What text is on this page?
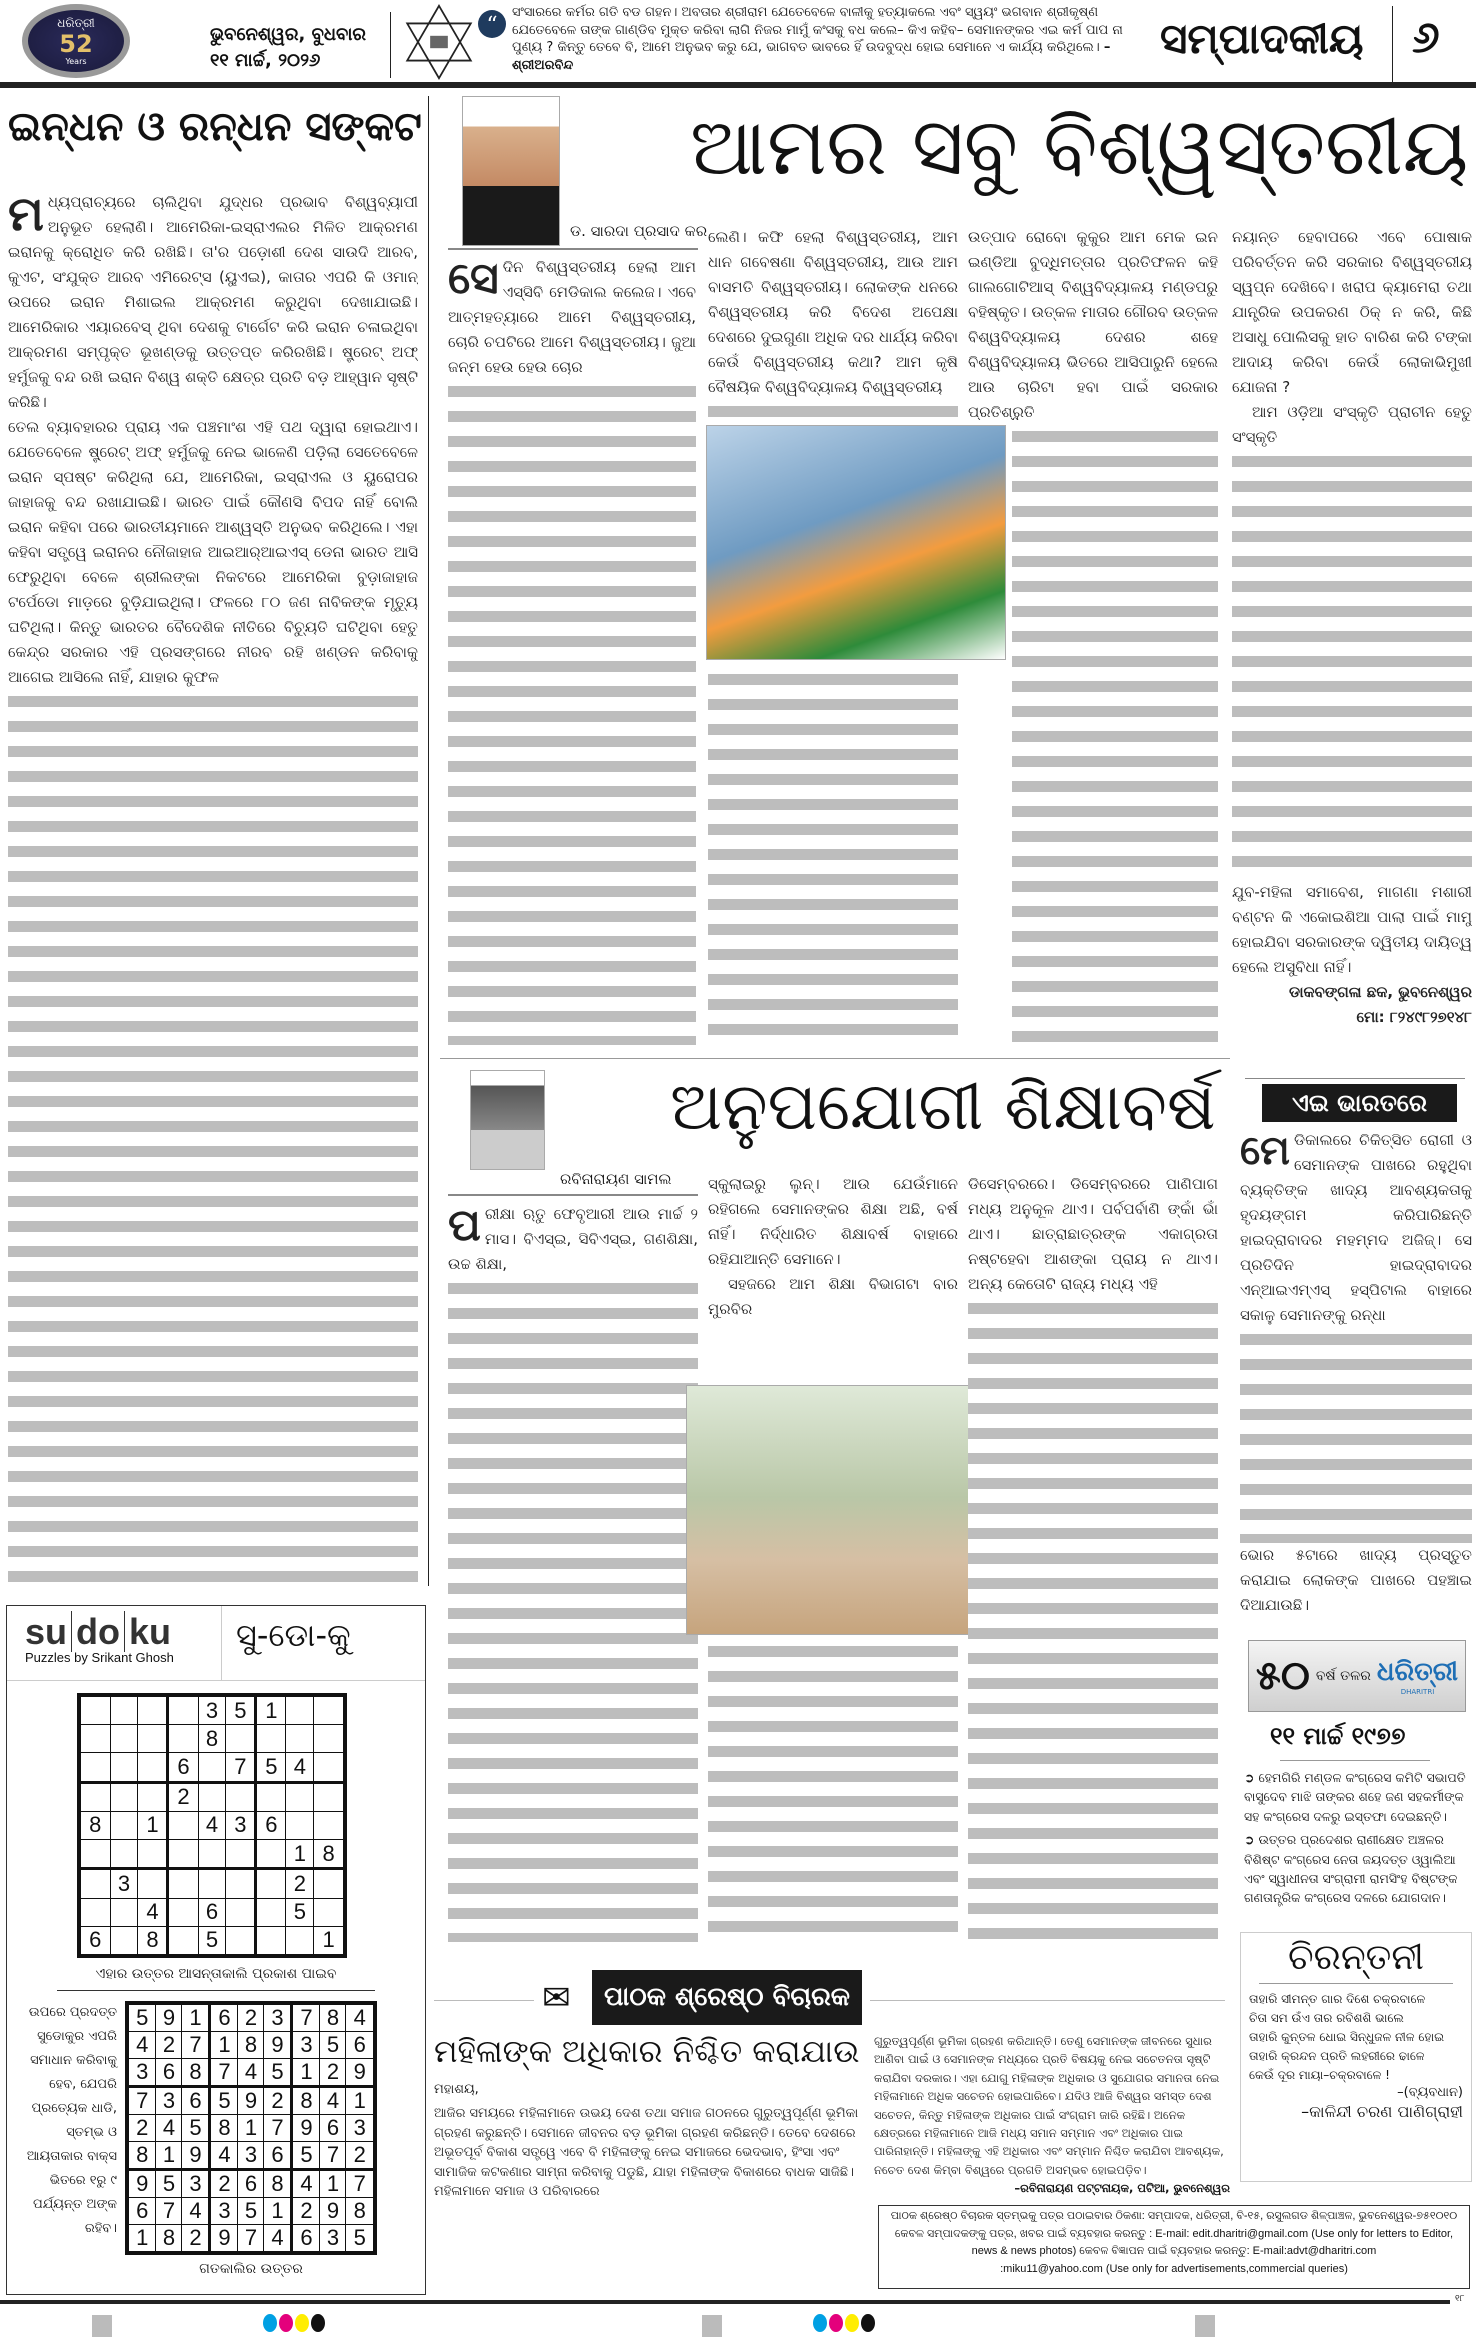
ଧରିତ୍ରୀ
52
Years
ଭୁବନେଶ୍ୱର, ବୁଧବାର
୧୧ ମାର୍ଚ୍ଚ, ୨୦୨୬
“
ସଂସାରରେ କର୍ମର ଗତି ବଡ ଗହନ। ଅବତାର ଶ୍ରୀରାମ ଯେତେବେଳେ ବାଳୀକୁ ହତ୍ୟାକଲେ ଏବଂ ସ୍ୱୟଂ ଭଗବାନ ଶ୍ରୀକୃଷ୍ଣ ଯେତେବେଳେ ତାଙ୍କ ଗାଣ୍ଡିବ ମୁକ୍ତ କରିବା ଲାଗି ନିଜର ମାମୁଁ କଂସକୁ ବଧ କଲେ– କିଏ କହିବ– ସେମାନଙ୍କର ଏଇ କର୍ମ ପାପ ନା ପୁଣ୍ୟ ? କିନ୍ତୁ ତେବେ ବି, ଆମେ ଅନୁଭବ କରୁ ଯେ, ଭାଗବତ ଭାବରେ ହିଁ ଉଦବୁଦ୍ଧ ହୋଇ ସେମାନେ ଏ କାର୍ଯ୍ୟ କରିଥିଲେ। –ଶ୍ରୀଅରବିନ୍ଦ
ସମ୍ପାଦକୀୟ	୬
ଇନ୍ଧନ ଓ ରନ୍ଧନ ସଙ୍କଟ

ମଧ୍ୟପ୍ରାଚ୍ୟରେ ଚାଲିଥିବା ଯୁଦ୍ଧର ପ୍ରଭାବ ବିଶ୍ୱବ୍ୟାପୀ ଅନୁଭୂତ ହେଲାଣି। ଆମେରିକା-ଇସ୍ରାଏଲର ମିଳିତ ଆକ୍ରମଣ ଇରାନକୁ କ୍ରୋଧିତ କରି ରଖିଛି। ତା'ର ପଡ଼ୋଶୀ ଦେଶ ସାଉଦି ଆରବ, କୁଏଟ, ସଂଯୁକ୍ତ ଆରବ ଏମିରେଟ୍ସ (ୟୁଏଇ), କାତାର ଏପରି କି ଓମାନ୍ ଉପରେ ଇରାନ ମିଶାଇଲ ଆକ୍ରମଣ କରୁଥିବା ଦେଖାଯାଇଛି। ଆମେରିକାର ଏୟାରବେସ୍ ଥିବା ଦେଶକୁ ଟାର୍ଗେଟ କରି ଇରାନ ଚଳାଇଥିବା ଆକ୍ରମଣ ସମ୍ପୃକ୍ତ ଭୂଖଣ୍ଡକୁ ଉତ୍ତପ୍ତ କରିରଖିଛି। ଷ୍ଟ୍ରେଟ୍ ଅଫ୍ ହର୍ମୁଜକୁ ବନ୍ଦ ରଖି ଇରାନ ବିଶ୍ୱ ଶକ୍ତି କ୍ଷେତ୍ର ପ୍ରତି ବଡ଼ ଆହ୍ୱାନ ସୃଷ୍ଟି କରିଛି।

ତେଲ ବ୍ୟାବହାରର ପ୍ରାୟ ଏକ ପଞ୍ଚମାଂଶ ଏହି ପଥ ଦ୍ୱାରା ହୋଇଥାଏ। ଯେତେବେଳେ ଷ୍ଟ୍ରେଟ୍ ଅଫ୍ ହର୍ମୁଜକୁ ନେଇ ଭାଳେଣି ପଡ଼ିଲା ସେତେବେଳେ ଇରାନ ସ୍ପଷ୍ଟ କରିଥିଲା ଯେ, ଆମେରିକା, ଇସ୍ରାଏଲ ଓ ୟୁରୋପର ଜାହାଜକୁ ବନ୍ଦ ରଖାଯାଇଛି। ଭାରତ ପାଇଁ କୌଣସି ବିପଦ ନାହିଁ ବୋଲି ଇରାନ କହିବା ପରେ ଭାରତୀୟମାନେ ଆଶ୍ୱସ୍ତି ଅନୁଭବ କରିଥିଲେ। ଏହା କହିବା ସତ୍ତ୍ୱେ ଇରାନର ନୌଜାହାଜ ଆଇଆର୍‌ଆଇଏସ୍ ଡେନା ଭାରତ ଆସି ଫେରୁଥିବା ବେଳେ ଶ୍ରୀଲଙ୍କା ନିକଟରେ ଆମେରିକା ବୁଡ଼ାଜାହାଜ ଟର୍ପେଡୋ ମାଡ଼ରେ ବୁଡ଼ିଯାଇଥିଲା। ଫଳରେ ୮୦ ଜଣ ନାବିକଙ୍କ ମୃତ୍ୟୁ ଘଟିଥିଲା। କିନ୍ତୁ ଭାରତର ବୈଦେଶିକ ନୀତିରେ ବିଚ୍ୟୁତି ଘଟିଥିବା ହେତୁ କେନ୍ଦ୍ର ସରକାର ଏହି ପ୍ରସଙ୍ଗରେ ନୀରବ ରହି ଖଣ୍ଡନ କରିବାକୁ ଆଗେଇ ଆସିଲେ ନାହିଁ, ଯାହାର କୁଫଳ

ଡ. ସାରଦା ପ୍ରସାଦ କର
ଆମର ସବୁ ବିଶ୍ୱସ୍ତରୀୟ

ସେଦିନ ବିଶ୍ୱସ୍ତରୀୟ ହେଲା ଆମ ଏସ୍‌ସିବି ମେଡିକାଲ କଲେଜ। ଏବେ ଆତ୍ମହତ୍ୟାରେ ଆମେ ବିଶ୍ୱସ୍ତରୀୟ, ଚୋରି ଚପଟିରେ ଆମେ ବିଶ୍ୱସ୍ତରୀୟ। ଜୁଆ ଜନ୍ମ ହେଉ ହେଉ ଚୋର

ଲେଣି। କଫି ହେଲା ବିଶ୍ୱସ୍ତରୀୟ, ଆମ ଧାନ ଗବେଷଣା ବିଶ୍ୱସ୍ତରୀୟ, ଆଉ ଆମ ବାସମତି ବିଶ୍ୱସ୍ତରୀୟ। ଲୋକଙ୍କ ଧନରେ ବିଶ୍ୱସ୍ତରୀୟ କରି ବିଦେଶ ଅପେକ୍ଷା ଦେଶରେ ଦୁଇଗୁଣା ଅଧିକ ଦର ଧାର୍ଯ୍ୟ କରିବା କେଉଁ ବିଶ୍ୱସ୍ତରୀୟ କଥା? ଆମ କୃଷି ବୈଷୟିକ ବିଶ୍ୱବିଦ୍ୟାଳୟ ବିଶ୍ୱସ୍ତରୀୟ

ଉତ୍ପାଦ ରୋବୋ କୁକୁର ଆମ ମେକ ଇନ ଇଣ୍ଡିଆ ବୁଦ୍ଧିମତ୍ତାର ପ୍ରତିଫଳନ କହି ଗାଲଗୋଟିଆସ୍ ବିଶ୍ୱବିଦ୍ୟାଳୟ ମଣ୍ଡପରୁ ବହିଷ୍କୃତ। ଉତ୍କଳ ମାତାର ଗୌରବ ଉତ୍କଳ ବିଶ୍ୱବିଦ୍ୟାଳୟ ଦେଶର ଶହେ ବିଶ୍ୱବିଦ୍ୟାଳୟ ଭିତରେ ଆସିପାରୁନି ହେଲେ ଆଉ ଚାରିଟା ହବା ପାଇଁ ସରକାର ପ୍ରତିଶ୍ରୁତି

ନୟାନ୍ତ ହେବାପରେ ଏବେ ପୋଷାକ ପରିବର୍ତ୍ତନ କରି ସରକାର ବିଶ୍ୱସ୍ତରୀୟ ସ୍ୱପ୍ନ ଦେଖିବେ। ଖରାପ କ୍ୟାମେରା ତଥା ଯାନ୍ତ୍ରିକ ଉପକରଣ ଠିକ୍ ନ କରି, କିଛି ଅସାଧୁ ପୋଲିସକୁ ହାତ ବାରିଶ କରି ଟଙ୍କା ଆଦାୟ କରିବା କେଉଁ ଲୋକାଭିମୁଖୀ ଯୋଜନା ?

ଆମ ଓଡ଼ିଆ ସଂସ୍କୃତି ପ୍ରାଚୀନ ହେତୁ ସଂସ୍କୃତି

ଯୁବ-ମହିଳା ସମାବେଶ, ମାଗଣା ମଶାରୀ ବଣ୍ଟନ କି ଏକୋଇଶିଆ ପାଲା ପାଇଁ ମାମୁ ହୋଇଯିବା ସରକାରଙ୍କ ଦ୍ୱିତୀୟ ଦାୟିତ୍ୱ ହେଲେ ଅସୁବିଧା ନାହିଁ।

ଡାକବଙ୍ଗଳା ଛକ, ଭୁବନେଶ୍ୱର

ମୋ: ୮୨୪୯୮୨୭୧୪୮

ଏଇ ଭାରତରେ

ମେଡିକାଲରେ ଚିକିତ୍ସିତ ରୋଗୀ ଓ ସେମାନଙ୍କ ପାଖରେ ରହୁଥିବା ବ୍ୟକ୍ତିଙ୍କ ଖାଦ୍ୟ ଆବଶ୍ୟକତାକୁ ହୃଦୟଙ୍ଗମ କରିପାରିଛନ୍ତି ହାଇଦ୍ରାବାଦର ମହମ୍ମଦ ଅଜିଜ୍। ସେ ପ୍ରତିଦିନ ହାଇଦ୍ରାବାଦର ଏନ୍‌ଆଇଏମ୍‌ଏସ୍ ହସ୍ପିଟାଲ ବାହାରେ ସକାଳୁ ସେମାନଙ୍କୁ ରନ୍ଧା

ଭୋର ୫ଟାରେ ଖାଦ୍ୟ ପ୍ରସ୍ତୁତ କରାଯାଇ ଲୋକଙ୍କ ପାଖରେ ପହଞ୍ଚାଇ ଦିଆଯାଉଛି।

୫୦ ବର୍ଷ ତଳର ଧରିତ୍ରୀ
DHARITRI
୧୧ ମାର୍ଚ୍ଚ ୧୯୭୭

➲ ହେମଗିରି ମଣ୍ଡଳ କଂଗ୍ରେସ କମିଟି ସଭାପତି ବାସୁଦେବ ମାଝି ତାଙ୍କର ଶହେ ଜଣ ସହକର୍ମୀଙ୍କ ସହ କଂଗ୍ରେସ ଦଳରୁ ଇସ୍ତଫା ଦେଇଛନ୍ତି।

➲ ଉତ୍ତର ପ୍ରଦେଶର ରାଣୀକ୍ଷେତ ଅଞ୍ଚଳର ବିଶିଷ୍ଟ କଂଗ୍ରେସ ନେତା ଜୟଦତ୍ତ ଓ୍ୱାଲିଆ ଏବଂ ସ୍ୱାଧୀନତା ସଂଗ୍ରାମୀ ରାମସିଂହ ବିଷ୍ଟଙ୍କ ଗଣତାନ୍ତ୍ରିକ କଂଗ୍ରେସ ଦଳରେ ଯୋଗଦାନ।

ଚିରନ୍ତନୀ
ତାହାରି ସୀମନ୍ତ ଗାର ଦିଶେ ଚକ୍ରବାଳେ
ଚିତା ସମ ଉଁଏ ତାର ରବିଶଶି ଭାଲେ
ତାହାରି କୁନ୍ତଳ ଧୋଇ ସିନ୍ଧୁଜଳ ନୀଳ ହୋଇ
ତାହାରି କ୍ରନ୍ଦନ ପ୍ରତି ଲହରୀରେ ଢାଳେ
କେଉଁ ଦୂର ମାୟା–ଚକ୍ରବାଳେ !
–(ବ୍ୟବଧାନ)
–କାଳିନ୍ଦୀ ଚରଣ ପାଣିଗ୍ରାହୀ
ରବିନାରାୟଣ ସାମଲ
ଅନୁପଯୋଗୀ ଶିକ୍ଷାବର୍ଷ

ପରୀକ୍ଷା ଋତୁ ଫେବୃଆରୀ ଆଉ ମାର୍ଚ୍ଚ ୨ ମାସ। ବିଏସ୍‌ଇ, ସିବିଏସ୍‌ଇ, ଗଣଶିକ୍ଷା, ଉଚ୍ଚ ଶିକ୍ଷା,

ସ୍କୁଲାଇରୁ ଲୁନ୍। ଆଉ ଯେଉଁମାନେ ରହିଗଲେ ସେମାନଙ୍କର ଶିକ୍ଷା ଅଛି, ବର୍ଷ ନାହିଁ। ନିର୍ଦ୍ଧାରିତ ଶିକ୍ଷାବର୍ଷ ବାହାରେ ରହିଯାଆନ୍ତି ସେମାନେ।

ସହଜରେ ଆମ ଶିକ୍ଷା ବିଭାଗଟା ବାର ମୁରବିର

ଡିସେମ୍ବରରେ। ଡିସେମ୍ବରରେ ପାଣିପାଗ ମଧ୍ୟ ଅନୁକୂଳ ଥାଏ। ପର୍ବପର୍ବାଣି ଙ୍କାଁ ଭାଁ ଥାଏ। ଛାତ୍ରାଛାତ୍ରଙ୍କ ଏକାଗ୍ରତା ନଷ୍ଟହେବା ଆଶଙ୍କା ପ୍ରାୟ ନ ଥାଏ। ଅନ୍ୟ କେତୋଟି ରାଜ୍ୟ ମଧ୍ୟ ଏହି

su do ku
Puzzles by Srikant Ghosh
ସୁ-ଡୋ-କୁ
				3	5	1		
				8				
			6		7	5	4	
			2					
8		1		4	3	6		
							1	8
	3						2	
		4		6			5	
6		8		5				1
ଏହାର ଉତ୍ତର ଆସନ୍ତାକାଲି ପ୍ରକାଶ ପାଇବ
ଉପରେ ପ୍ରଦତ୍ତ ସୁଡୋକୁର ଏପରି ସମାଧାନ କରିବାକୁ ହେବ, ଯେପରି ପ୍ରତ୍ୟେକ ଧାଡି, ସ୍ତମ୍ଭ ଓ ଆୟତାକାର ବାକ୍ସ ଭିତରେ ୧ରୁ ୯ ପର୍ଯ୍ୟନ୍ତ ଅଙ୍କ ରହିବ।
5	9	1	6	2	3	7	8	4
4	2	7	1	8	9	3	5	6
3	6	8	7	4	5	1	2	9
7	3	6	5	9	2	8	4	1
2	4	5	8	1	7	9	6	3
8	1	9	4	3	6	5	7	2
9	5	3	2	6	8	4	1	7
6	7	4	3	5	1	2	9	8
1	8	2	9	7	4	6	3	5
ଗତକାଲିର ଉତ୍ତର
✉	ପାଠକ ଶ୍ରେଷ୍ଠ ବିଚାରକ
ମହିଳାଙ୍କ ଅଧିକାର ନିଶ୍ଚିତ କରାଯାଉ
ମହାଶୟ,
ଆଜିର ସମୟରେ ମହିଳାମାନେ ଉଭୟ ଦେଶ ତଥା ସମାଜ ଗଠନରେ ଗୁରୁତ୍ୱପୂର୍ଣ୍ଣ ଭୂମିକା ଗ୍ରହଣ କରୁଛନ୍ତି। ସେମାନେ ଜୀବନର ବଡ଼ ଭୂମିକା ଗ୍ରହଣ କରିଛନ୍ତି। ତେବେ ଦେଶରେ ଅଭୂତପୂର୍ବ ବିକାଶ ସତ୍ତ୍ୱେ ଏବେ ବି ମହିଳାଙ୍କୁ ନେଇ ସମାଜରେ ଭେଦଭାବ, ହିଂସା ଏବଂ ସାମାଜିକ କଟକଣାର ସାମ୍ନା କରିବାକୁ ପଡୁଛି, ଯାହା ମହିଳାଙ୍କ ବିକାଶରେ ବାଧକ ସାଜିଛି। ମହିଳାମାନେ ସମାଜ ଓ ପରିବାରରେ
ଗୁରୁତ୍ୱପୂର୍ଣ୍ଣ ଭୂମିକା ଗ୍ରହଣ କରିଥାନ୍ତି। ତେଣୁ ସେମାନଙ୍କ ଜୀବନରେ ସୁଧାର ଆଣିବା ପାଇଁ ଓ ସେମାନଙ୍କ ମଧ୍ୟରେ ପ୍ରତି ବିଷୟକୁ ନେଇ ସଚେତନତା ସୃଷ୍ଟି କରାଯିବା ଦରକାର। ଏହା ଯୋଗୁ ମହିଳାଙ୍କ ଅଧିକାର ଓ ସୁଯୋଗର ସମାନତା ନେଇ ମହିଳାମାନେ ଅଧିକ ସଚେତନ ହୋଇପାରିବେ। ଯଦିଓ ଆଜି ବିଶ୍ୱର ସମସ୍ତ ଦେଶ ସଚେତନ, କିନ୍ତୁ ମହିଳାଙ୍କ ଅଧିକାର ପାଇଁ ସଂଗ୍ରାମ ଜାରି ରହିଛି। ଅନେକ କ୍ଷେତ୍ରରେ ମହିଳାମାନେ ଆଜି ମଧ୍ୟ ସମାନ ସମ୍ମାନ ଏବଂ ଅଧିକାର ପାଇ ପାରିନାହାନ୍ତି। ମହିଳାଙ୍କୁ ଏହି ଅଧିକାର ଏବଂ ସମ୍ମାନ ନିଶ୍ଚିତ କରାଯିବା ଆବଶ୍ୟକ, ନଚେତ ଦେଶ କିମ୍ବା ବିଶ୍ୱରେ ପ୍ରଗତି ଅସମ୍ଭବ ହୋଇପଡ଼ିବ।
–ରବିନାରାୟଣ ପଟ୍ଟନାୟକ, ପଟିଆ, ଭୁବନେଶ୍ୱର
ପାଠକ ଶ୍ରେଷ୍ଠ ବିଚାରକ ସ୍ତମ୍ଭକୁ ପତ୍ର ପଠାଇବାର ଠିକଣା: ସମ୍ପାଦକ, ଧରିତ୍ରୀ, ବି-୧୫, ରସୁଲଗଡ ଶିଳ୍ପାଞ୍ଚଳ, ଭୁବନେଶ୍ୱର-୭୫୧୦୧୦
କେବଳ ସମ୍ପାଦକଙ୍କୁ ପତ୍ର, ଖବର ପାଇଁ ବ୍ୟବହାର କରନ୍ତୁ : E-mail: edit.dharitri@gmail.com (Use only for letters to Editor,
news & news photos) କେବଳ ବିଜ୍ଞାପନ ପାଇଁ ବ୍ୟବହାର କରନ୍ତୁ: E-mail:advt@dharitri.com
:miku11@yahoo.com (Use only for advertisements,commercial queries)
୧୮
